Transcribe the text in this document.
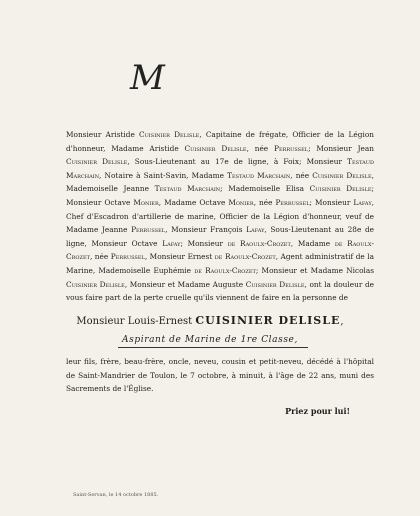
M

Monsieur Aristide Cuisinier Delisle, Capitaine de frégate, Officier de la Légion d'honneur, Madame Aristide Cuisinier Delisle, née Perrussel; Monsieur Jean Cuisinier Delisle, Sous-Lieutenant au 17e de ligne, à Foix; Monsieur Testaud Marchain, Notaire à Saint-Savin, Madame Testaud Marchain, née Cuisinier Delisle, Mademoiselle Jeanne Testaud Marchain; Mademoiselle Elisa Cuisinier Delisle; Monsieur Octave Monier, Madame Octave Monier, née Perrussel; Monsieur Lafay, Chef d'Escadron d'artillerie de marine, Officier de la Légion d'honneur, veuf de Madame Jeanne Perrussel, Monsieur François Lafay, Sous-Lieutenant au 28e de ligne, Monsieur Octave Lafay; Monsieur de Raoulx-Crozet, Madame de Raoulx-Crozet, née Perrussel, Monsieur Ernest de Raoulx-Crozet, Agent administratif de la Marine, Mademoiselle Euphémie de Raoulx-Crozet; Monsieur et Madame Nicolas Cuisinier Delisle, Monsieur et Madame Auguste Cuisinier Delisle, ont la douleur de vous faire part de la perte cruelle qu'ils viennent de faire en la personne de

Monsieur Louis-Ernest CUISINIER DELISLE,
Aspirant de Marine de 1re Classe,

leur fils, frère, beau-frère, oncle, neveu, cousin et petit-neveu, décédé à l'hôpital de Saint-Mandrier de Toulon, le 7 octobre, à minuit, à l'âge de 22 ans, muni des Sacrements de l'Église.

Priez pour lui!
Saint-Servan, le 14 octobre 1885.
